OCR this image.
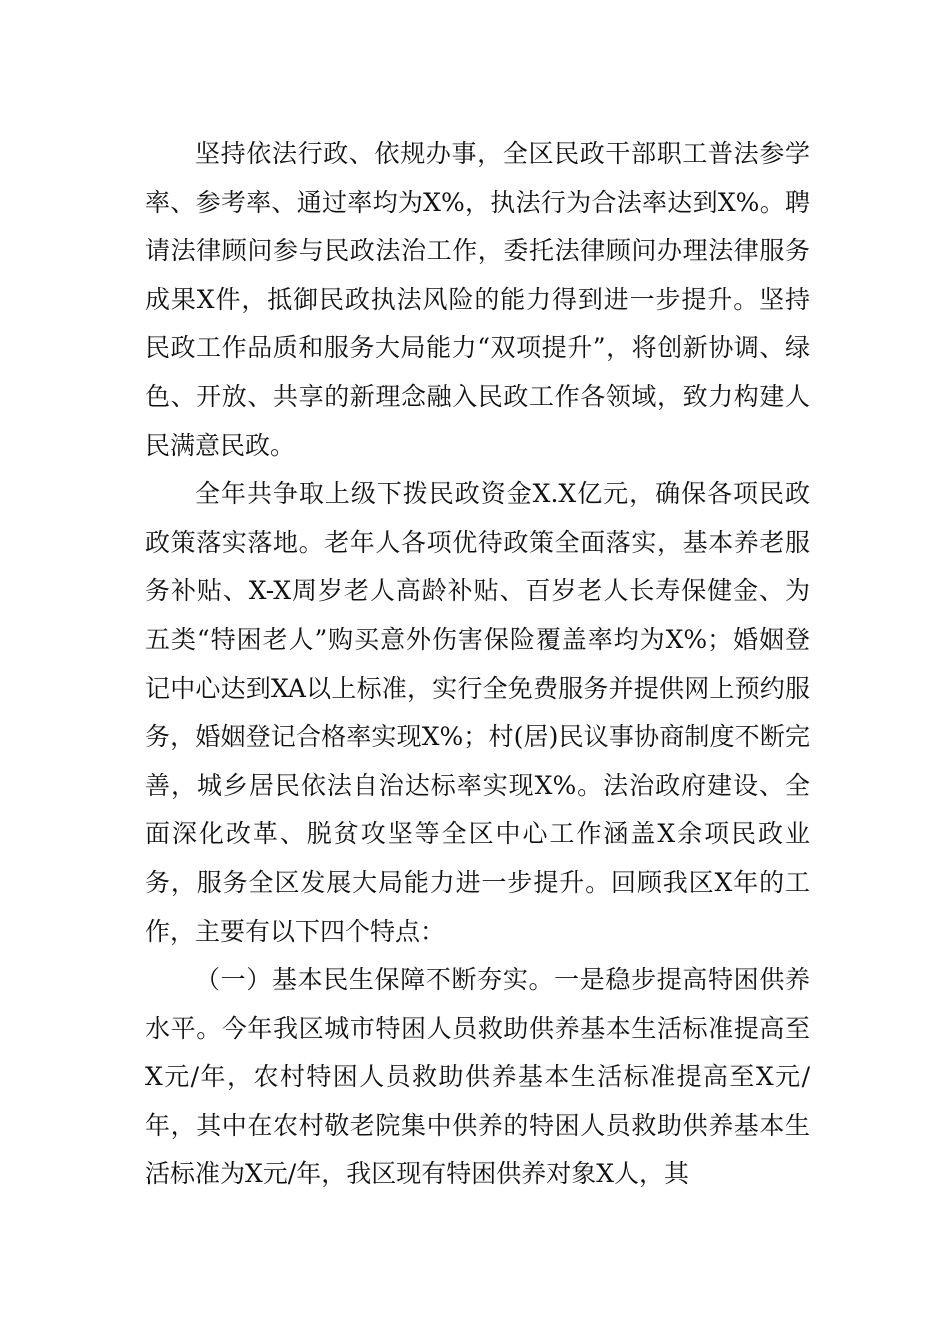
坚持依法行政、依规办事，全区民政干部职工普法参学率、参考率、通过率均为X%，执法行为合法率达到X%。聘请法律顾问参与民政法治工作，委托法律顾问办理法律服务成果X件，抵御民政执法风险的能力得到进一步提升。坚持民政工作品质和服务大局能力“双项提升”，将创新协调、绿色、开放、共享的新理念融入民政工作各领域，致力构建人民满意民政。

全年共争取上级下拨民政资金X.X亿元，确保各项民政政策落实落地。老年人各项优待政策全面落实，基本养老服务补贴、X-X周岁老人高龄补贴、百岁老人长寿保健金、为五类“特困老人”购买意外伤害保险覆盖率均为X%；婚姻登记中心达到XA以上标准，实行全免费服务并提供网上预约服务，婚姻登记合格率实现X%；村(居)民议事协商制度不断完善，城乡居民依法自治达标率实现X%。法治政府建设、全面深化改革、脱贫攻坚等全区中心工作涵盖X余项民政业务，服务全区发展大局能力进一步提升。回顾我区X年的工作，主要有以下四个特点：

（一）基本民生保障不断夯实。一是稳步提高特困供养水平。今年我区城市特困人员救助供养基本生活标准提高至X元/年，农村特困人员救助供养基本生活标准提高至X元/年，其中在农村敬老院集中供养的特困人员救助供养基本生活标准为X元/年，我区现有特困供养对象X人，其
